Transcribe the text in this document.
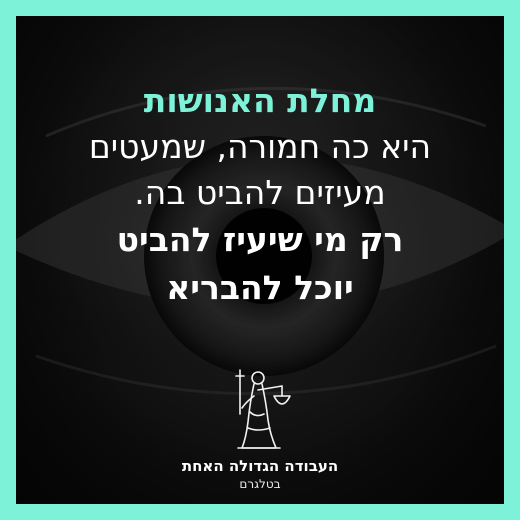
מחלת האנושות
היא כה חמורה, שמעטים
מעיזים להביט בה.
רק מי שיעיז להביט
יוכל להבריא
העבודה הגדולה האחת
בטלגרם
